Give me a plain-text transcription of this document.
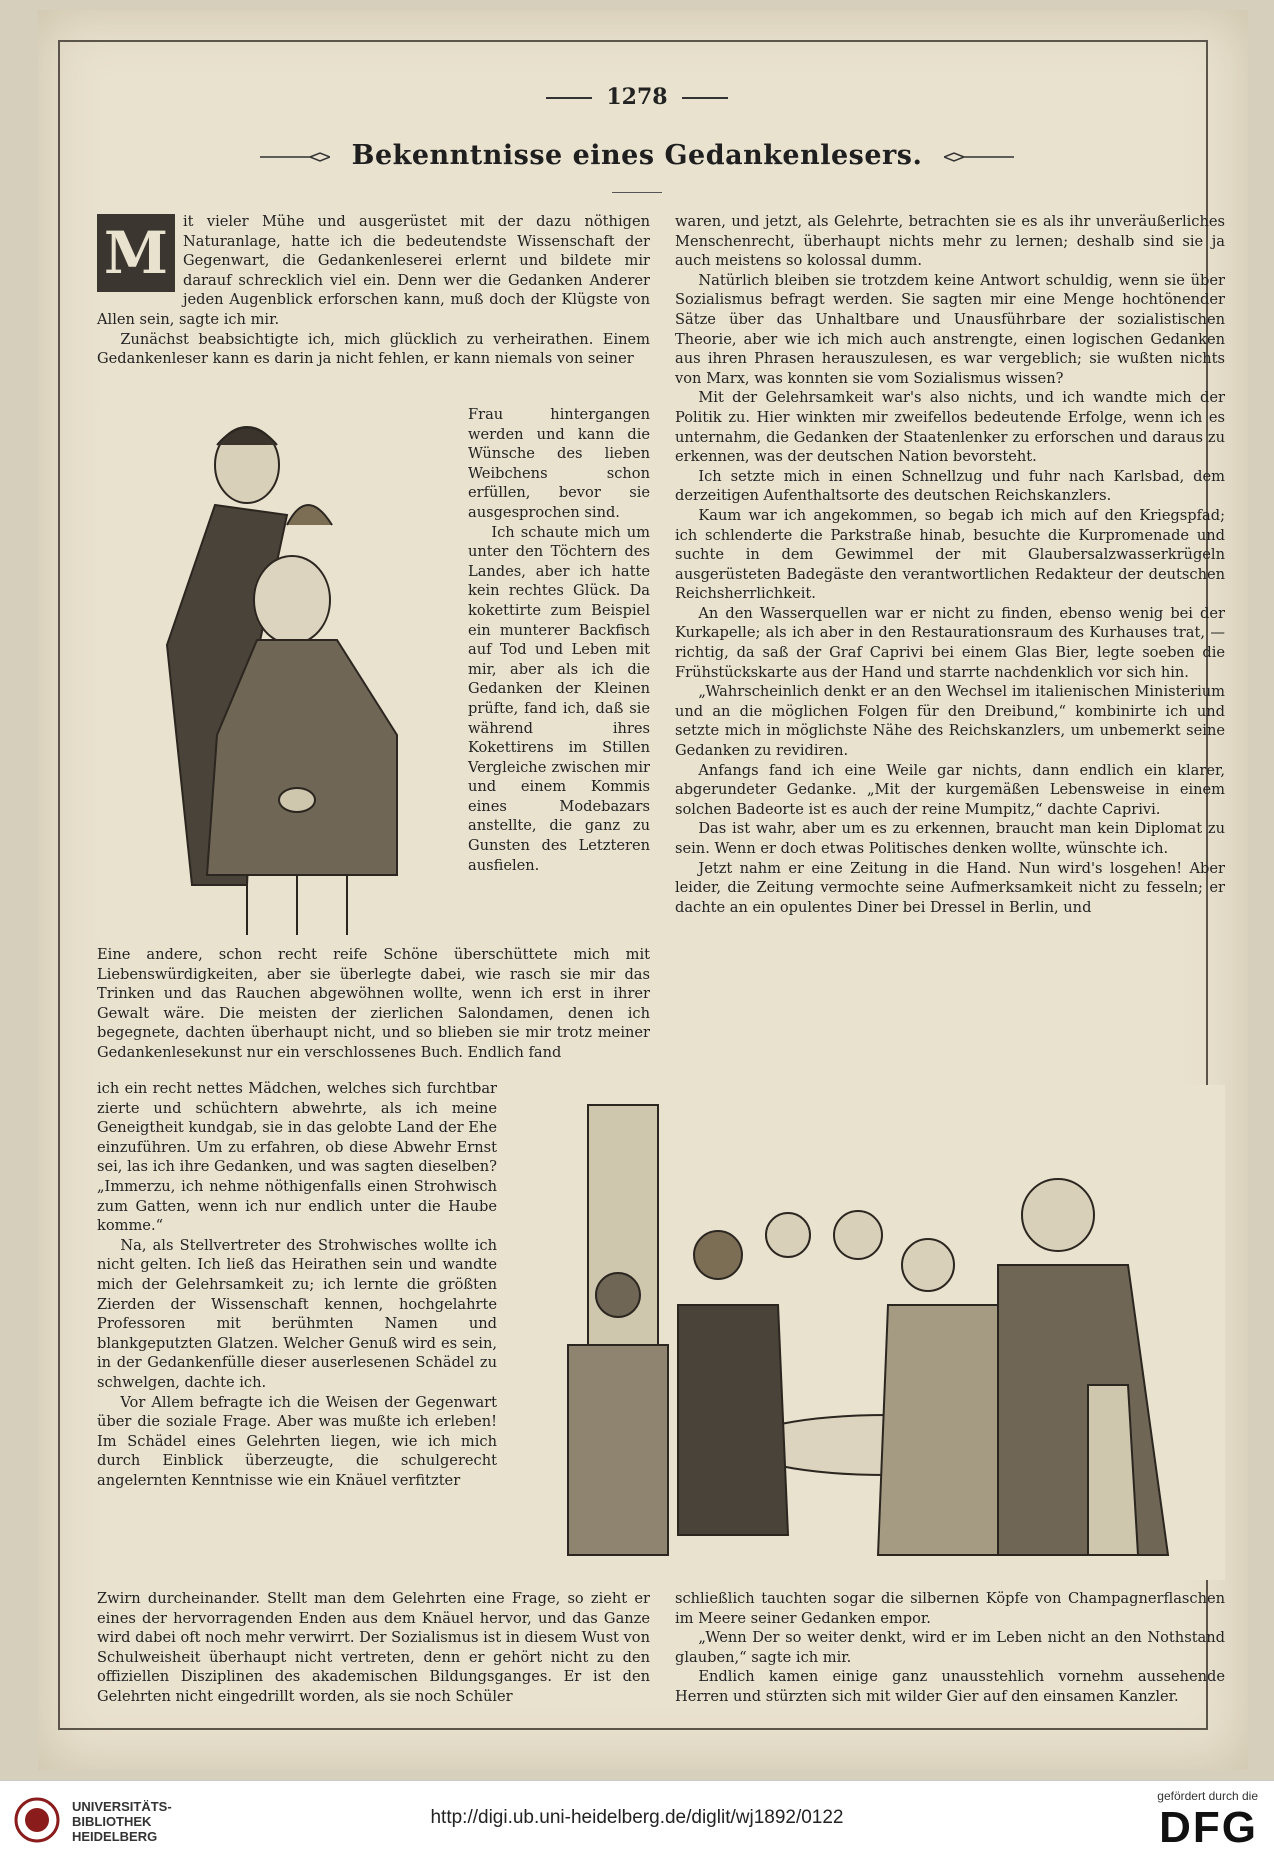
1278
Bekenntnisse eines Gedankenlesers.

M	it vieler Mühe und ausgerüstet mit der dazu nöthigen Naturanlage, hatte ich die bedeutendste Wissenschaft der Gegenwart, die Gedankenleserei erlernt und bildete mir darauf schrecklich viel ein. Denn wer die Gedanken Anderer jeden Augenblick erforschen kann, muß doch der Klügste von Allen sein, sagte ich mir.

Zunächst beabsichtigte ich, mich glücklich zu verheirathen. Einem Gedankenleser kann es darin ja nicht fehlen, er kann niemals von seiner

Frau hintergangen werden und kann die Wünsche des lieben Weibchens schon erfüllen, bevor sie ausgesprochen sind.

Ich schaute mich um unter den Töchtern des Landes, aber ich hatte kein rechtes Glück. Da kokettirte zum Beispiel ein munterer Backfisch auf Tod und Leben mit mir, aber als ich die Gedanken der Kleinen prüfte, fand ich, daß sie während ihres Kokettirens im Stillen Vergleiche zwischen mir und einem Kommis eines Modebazars anstellte, die ganz zu Gunsten des Letzteren ausfielen.

Eine andere, schon recht reife Schöne überschüttete mich mit Liebenswürdigkeiten, aber sie überlegte dabei, wie rasch sie mir das Trinken und das Rauchen abgewöhnen wollte, wenn ich erst in ihrer Gewalt wäre. Die meisten der zierlichen Salondamen, denen ich begegnete, dachten überhaupt nicht, und so blieben sie mir trotz meiner Gedankenlesekunst nur ein verschlossenes Buch. Endlich fand

ich ein recht nettes Mädchen, welches sich furchtbar zierte und schüchtern abwehrte, als ich meine Geneigtheit kundgab, sie in das gelobte Land der Ehe einzuführen. Um zu erfahren, ob diese Abwehr Ernst sei, las ich ihre Gedanken, und was sagten dieselben? „Immerzu, ich nehme nöthigenfalls einen Strohwisch zum Gatten, wenn ich nur endlich unter die Haube komme.“

Na, als Stellvertreter des Strohwisches wollte ich nicht gelten. Ich ließ das Heirathen sein und wandte mich der Gelehrsamkeit zu; ich lernte die größten Zierden der Wissenschaft kennen, hochgelahrte Professoren mit berühmten Namen und blankgeputzten Glatzen. Welcher Genuß wird es sein, in der Gedankenfülle dieser auserlesenen Schädel zu schwelgen, dachte ich.

Vor Allem befragte ich die Weisen der Gegenwart über die soziale Frage. Aber was mußte ich erleben! Im Schädel eines Gelehrten liegen, wie ich mich durch Einblick überzeugte, die schulgerecht angelernten Kenntnisse wie ein Knäuel verfitzter

Zwirn durcheinander. Stellt man dem Gelehrten eine Frage, so zieht er eines der hervorragenden Enden aus dem Knäuel hervor, und das Ganze wird dabei oft noch mehr verwirrt. Der Sozialismus ist in diesem Wust von Schulweisheit überhaupt nicht vertreten, denn er gehört nicht zu den offiziellen Disziplinen des akademischen Bildungsganges. Er ist den Gelehrten nicht eingedrillt worden, als sie noch Schüler

waren, und jetzt, als Gelehrte, betrachten sie es als ihr unveräußerliches Menschenrecht, überhaupt nichts mehr zu lernen; deshalb sind sie ja auch meistens so kolossal dumm.

Natürlich bleiben sie trotzdem keine Antwort schuldig, wenn sie über Sozialismus befragt werden. Sie sagten mir eine Menge hochtönender Sätze über das Unhaltbare und Unausführbare der sozialistischen Theorie, aber wie ich mich auch anstrengte, einen logischen Gedanken aus ihren Phrasen herauszulesen, es war vergeblich; sie wußten nichts von Marx, was konnten sie vom Sozialismus wissen?

Mit der Gelehrsamkeit war's also nichts, und ich wandte mich der Politik zu. Hier winkten mir zweifellos bedeutende Erfolge, wenn ich es unternahm, die Gedanken der Staatenlenker zu erforschen und daraus zu erkennen, was der deutschen Nation bevorsteht.

Ich setzte mich in einen Schnellzug und fuhr nach Karlsbad, dem derzeitigen Aufenthaltsorte des deutschen Reichskanzlers.

Kaum war ich angekommen, so begab ich mich auf den Kriegspfad; ich schlenderte die Parkstraße hinab, besuchte die Kurpromenade und suchte in dem Gewimmel der mit Glaubersalzwasserkrügeln ausgerüsteten Badegäste den verantwortlichen Redakteur der deutschen Reichsherrlichkeit.

An den Wasserquellen war er nicht zu finden, ebenso wenig bei der Kurkapelle; als ich aber in den Restaurationsraum des Kurhauses trat, — richtig, da saß der Graf Caprivi bei einem Glas Bier, legte soeben die Frühstückskarte aus der Hand und starrte nachdenklich vor sich hin.

„Wahrscheinlich denkt er an den Wechsel im italienischen Ministerium und an die möglichen Folgen für den Dreibund,“ kombinirte ich und setzte mich in möglichste Nähe des Reichskanzlers, um unbemerkt seine Gedanken zu revidiren.

Anfangs fand ich eine Weile gar nichts, dann endlich ein klarer, abgerundeter Gedanke. „Mit der kurgemäßen Lebensweise in einem solchen Badeorte ist es auch der reine Mumpitz,“ dachte Caprivi.

Das ist wahr, aber um es zu erkennen, braucht man kein Diplomat zu sein. Wenn er doch etwas Politisches denken wollte, wünschte ich.

Jetzt nahm er eine Zeitung in die Hand. Nun wird's losgehen! Aber leider, die Zeitung vermochte seine Aufmerksamkeit nicht zu fesseln; er dachte an ein opulentes Diner bei Dressel in Berlin, und

schließlich tauchten sogar die silbernen Köpfe von Champagnerflaschen im Meere seiner Gedanken empor.

„Wenn Der so weiter denkt, wird er im Leben nicht an den Nothstand glauben,“ sagte ich mir.

Endlich kamen einige ganz unausstehlich vornehm aussehende Herren und stürzten sich mit wilder Gier auf den einsamen Kanzler.

UNIVERSITÄTS-
BIBLIOTHEK
HEIDELBERG
http://digi.ub.uni-heidelberg.de/diglit/wj1892/0122
gefördert durch die
DFG
